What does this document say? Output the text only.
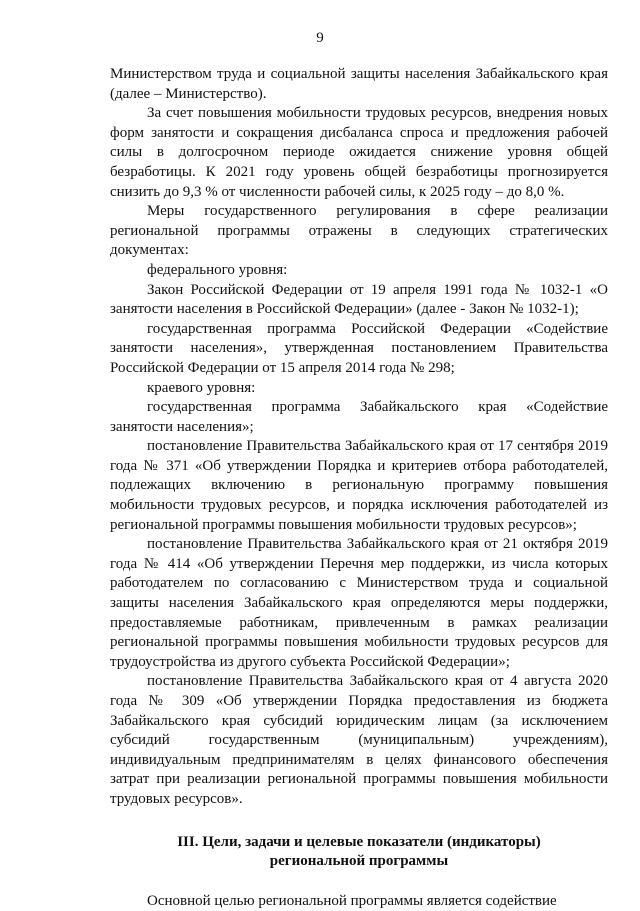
9

Министерством труда и социальной защиты населения Забайкальского края (далее – Министерство).

За счет повышения мобильности трудовых ресурсов, внедрения новых форм занятости и сокращения дисбаланса спроса и предложения рабочей силы в долгосрочном периоде ожидается снижение уровня общей безработицы. К 2021 году уровень общей безработицы прогнозируется снизить до 9,3 % от численности рабочей силы, к 2025 году – до 8,0 %.

Меры государственного регулирования в сфере реализации региональной программы отражены в следующих стратегических документах:

федерального уровня:

Закон Российской Федерации от 19 апреля 1991 года № 1032-1 «О занятости населения в Российской Федерации» (далее - Закон № 1032-1);

государственная программа Российской Федерации «Содействие занятости населения», утвержденная постановлением Правительства Российской Федерации от 15 апреля 2014 года № 298;

краевого уровня:

государственная программа Забайкальского края «Содействие занятости населения»;

постановление Правительства Забайкальского края от 17 сентября 2019 года № 371 «Об утверждении Порядка и критериев отбора работодателей, подлежащих включению в региональную программу повышения мобильности трудовых ресурсов, и порядка исключения работодателей из региональной программы повышения мобильности трудовых ресурсов»;

постановление Правительства Забайкальского края от 21 октября 2019 года № 414 «Об утверждении Перечня мер поддержки, из числа которых работодателем по согласованию с Министерством труда и социальной защиты населения Забайкальского края определяются меры поддержки, предоставляемые работникам, привлеченным в рамках реализации региональной программы повышения мобильности трудовых ресурсов для трудоустройства из другого субъекта Российской Федерации»;

постановление Правительства Забайкальского края от 4 августа 2020 года № 309 «Об утверждении Порядка предоставления из бюджета Забайкальского края субсидий юридическим лицам (за исключением субсидий государственным (муниципальным) учреждениям), индивидуальным предпринимателям в целях финансового обеспечения затрат при реализации региональной программы повышения мобильности трудовых ресурсов».

III. Цели, задачи и целевые показатели (индикаторы)
региональной программы

Основной целью региональной программы является содействие
